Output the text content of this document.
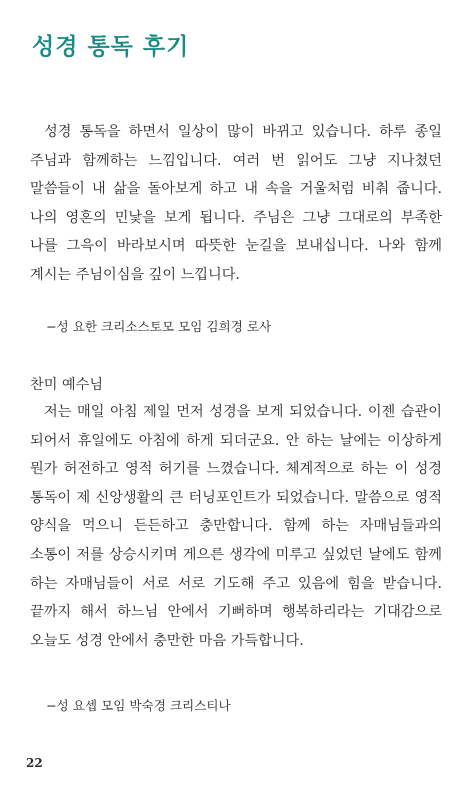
성경 통독 후기

성경 통독을 하면서 일상이 많이 바뀌고 있습니다. 하루 종일 주님과 함께하는 느낌입니다. 여러 번 읽어도 그냥 지나쳤던 말씀들이 내 삶을 돌아보게 하고 내 속을 거울처럼 비춰 줍니다. 나의 영혼의 민낯을 보게 됩니다. 주님은 그냥 그대로의 부족한 나를 그윽이 바라보시며 따뜻한 눈길을 보내십니다. 나와 함께 계시는 주님이심을 깊이 느낍니다.

−성 요한 크리소스토모 모임 김희경 로사

찬미 예수님

저는 매일 아침 제일 먼저 성경을 보게 되었습니다. 이젠 습관이 되어서 휴일에도 아침에 하게 되더군요. 안 하는 날에는 이상하게 뭔가 허전하고 영적 허기를 느꼈습니다. 체계적으로 하는 이 성경 통독이 제 신앙생활의 큰 터닝포인트가 되었습니다. 말씀으로 영적 양식을 먹으니 든든하고 충만합니다. 함께 하는 자매님들과의 소통이 저를 상승시키며 게으른 생각에 미루고 싶었던 날에도 함께 하는 자매님들이 서로 서로 기도해 주고 있음에 힘을 받습니다. 끝까지 해서 하느님 안에서 기뻐하며 행복하리라는 기대감으로 오늘도 성경 안에서 충만한 마음 가득합니다.

−성 요셉 모임 박숙경 크리스티나

22
